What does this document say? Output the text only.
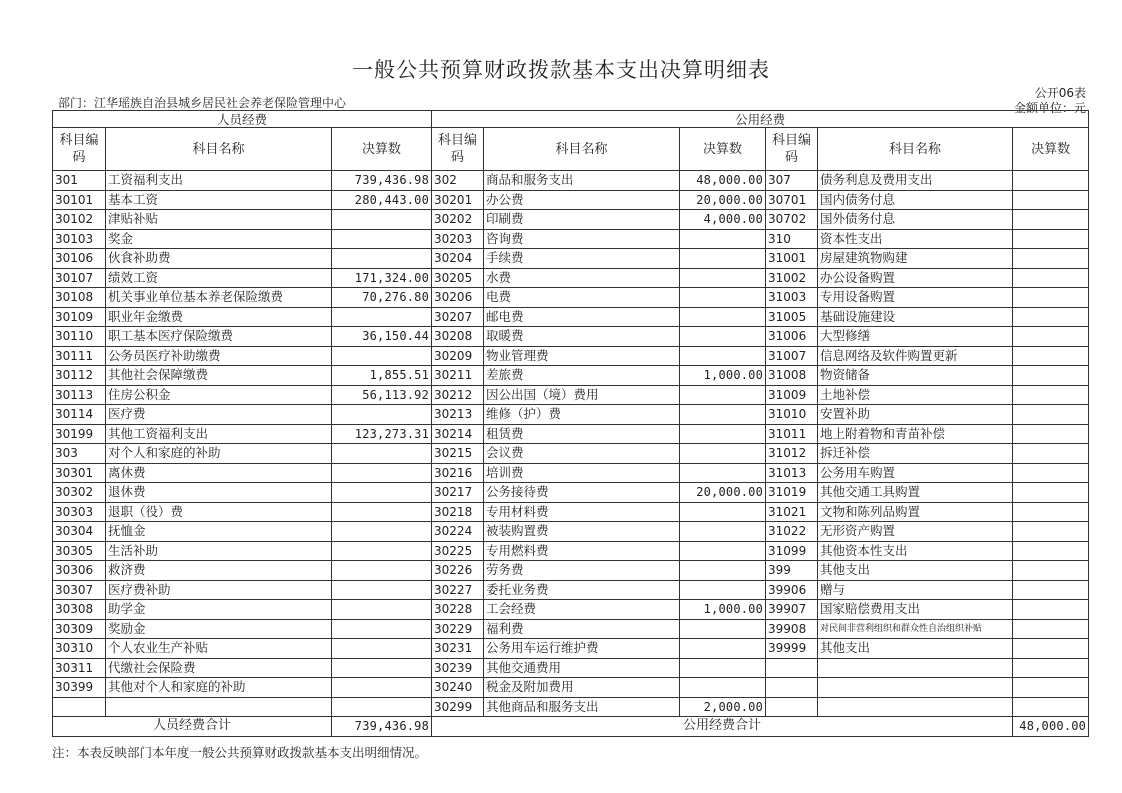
一般公共预算财政拨款基本支出决算明细表
部门：江华瑶族自治县城乡居民社会养老保险管理中心
公开06表
金额单位：元
人员经费			公用经费					
科目编码	科目名称	决算数	科目编码	科目名称	决算数	科目编码	科目名称	决算数
301	工资福利支出	739,436.98	302	商品和服务支出	48,000.00	307	债务利息及费用支出	
30101	基本工资	280,443.00	30201	办公费	20,000.00	30701	国内债务付息	
30102	津贴补贴		30202	印刷费	4,000.00	30702	国外债务付息	
30103	奖金		30203	咨询费		310	资本性支出	
30106	伙食补助费		30204	手续费		31001	房屋建筑物购建	
30107	绩效工资	171,324.00	30205	水费		31002	办公设备购置	
30108	机关事业单位基本养老保险缴费	70,276.80	30206	电费		31003	专用设备购置	
30109	职业年金缴费		30207	邮电费		31005	基础设施建设	
30110	职工基本医疗保险缴费	36,150.44	30208	取暖费		31006	大型修缮	
30111	公务员医疗补助缴费		30209	物业管理费		31007	信息网络及软件购置更新	
30112	其他社会保障缴费	1,855.51	30211	差旅费	1,000.00	31008	物资储备	
30113	住房公积金	56,113.92	30212	因公出国（境）费用		31009	土地补偿	
30114	医疗费		30213	维修（护）费		31010	安置补助	
30199	其他工资福利支出	123,273.31	30214	租赁费		31011	地上附着物和青苗补偿	
303	对个人和家庭的补助		30215	会议费		31012	拆迁补偿	
30301	离休费		30216	培训费		31013	公务用车购置	
30302	退休费		30217	公务接待费	20,000.00	31019	其他交通工具购置	
30303	退职（役）费		30218	专用材料费		31021	文物和陈列品购置	
30304	抚恤金		30224	被装购置费		31022	无形资产购置	
30305	生活补助		30225	专用燃料费		31099	其他资本性支出	
30306	救济费		30226	劳务费		399	其他支出	
30307	医疗费补助		30227	委托业务费		39906	赠与	
30308	助学金		30228	工会经费	1,000.00	39907	国家赔偿费用支出	
30309	奖励金		30229	福利费		39908	对民间非营利组织和群众性自治组织补贴	
30310	个人农业生产补贴		30231	公务用车运行维护费		39999	其他支出	
30311	代缴社会保险费		30239	其他交通费用				
30399	其他对个人和家庭的补助		30240	税金及附加费用				
			30299	其他商品和服务支出	2,000.00			
人员经费合计		739,436.98	公用经费合计					48,000.00
注：本表反映部门本年度一般公共预算财政拨款基本支出明细情况。
